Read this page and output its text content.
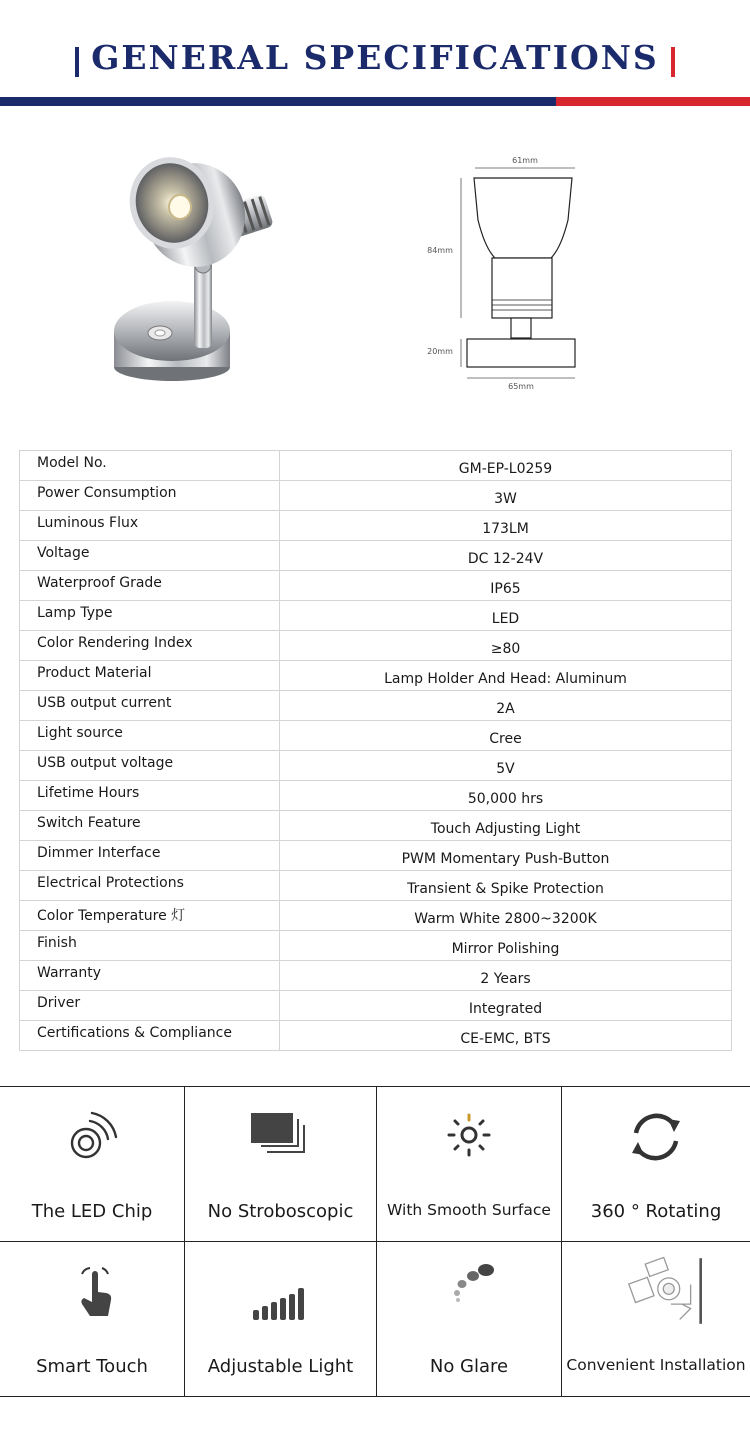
GENERAL SPECIFICATIONS
61mm
84mm
20mm
65mm
Model No.	GM-EP-L0259
Power Consumption	3W
Luminous Flux	173LM
Voltage	DC 12-24V
Waterproof Grade	IP65
Lamp Type	LED
Color Rendering Index	≥80
Product Material	Lamp Holder And Head: Aluminum
USB output current	2A
Light source	Cree
USB output voltage	5V
Lifetime Hours	50,000 hrs
Switch Feature	Touch Adjusting Light
Dimmer Interface	PWM Momentary Push-Button
Electrical Protections	Transient & Spike Protection
Color Temperature 灯	Warm White 2800~3200K
Finish	Mirror Polishing
Warranty	2 Years
Driver	Integrated
Certifications & Compliance	CE-EMC, BTS
The LED Chip	No Stroboscopic	With Smooth Surface	360 ° Rotating
Smart Touch	Adjustable Light	No Glare	Convenient Installation
